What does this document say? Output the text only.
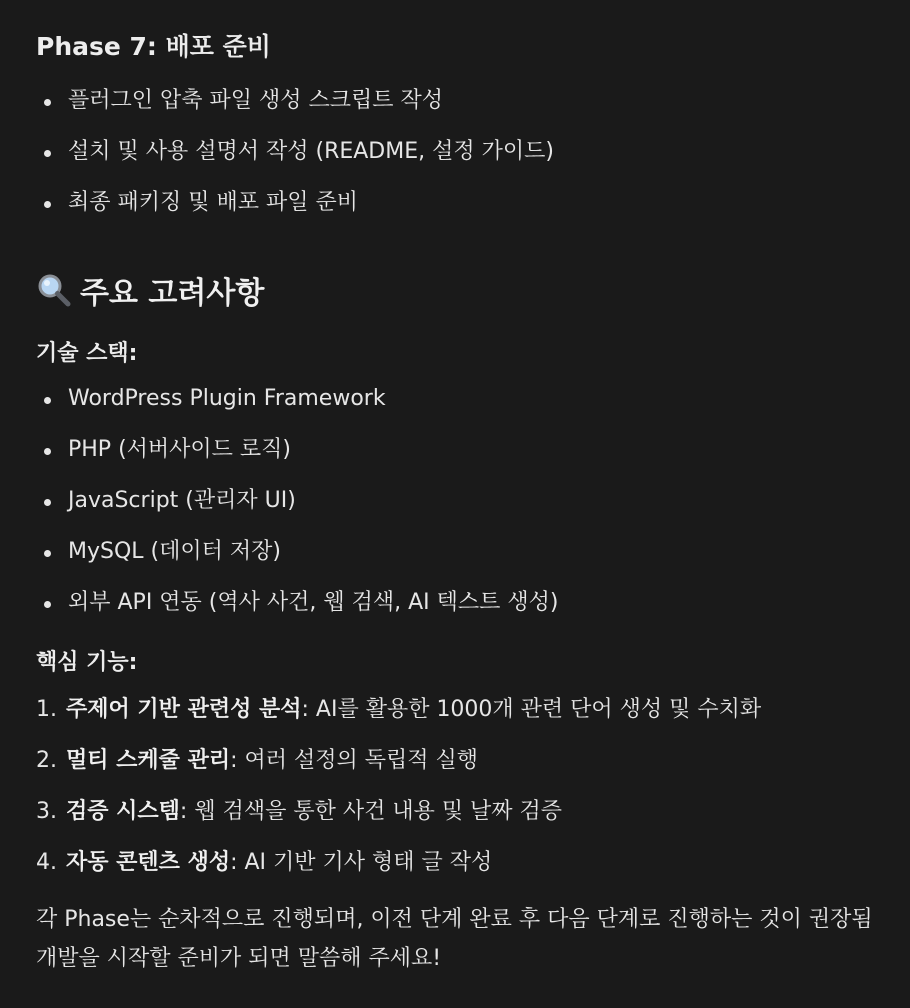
Phase 7: 배포 준비
플러그인 압축 파일 생성 스크립트 작성
설치 및 사용 설명서 작성 (README, 설정 가이드)
최종 패키징 및 배포 파일 준비
주요 고려사항
기술 스택:
WordPress Plugin Framework
PHP (서버사이드 로직)
JavaScript (관리자 UI)
MySQL (데이터 저장)
외부 API 연동 (역사 사건, 웹 검색, AI 텍스트 생성)
핵심 기능:
1. 주제어 기반 관련성 분석: AI를 활용한 1000개 관련 단어 생성 및 수치화
2. 멀티 스케줄 관리: 여러 설정의 독립적 실행
3. 검증 시스템: 웹 검색을 통한 사건 내용 및 날짜 검증
4. 자동 콘텐츠 생성: AI 기반 기사 형태 글 작성

각 Phase는 순차적으로 진행되며, 이전 단계 완료 후 다음 단계로 진행하는 것이 권장됨

개발을 시작할 준비가 되면 말씀해 주세요!
